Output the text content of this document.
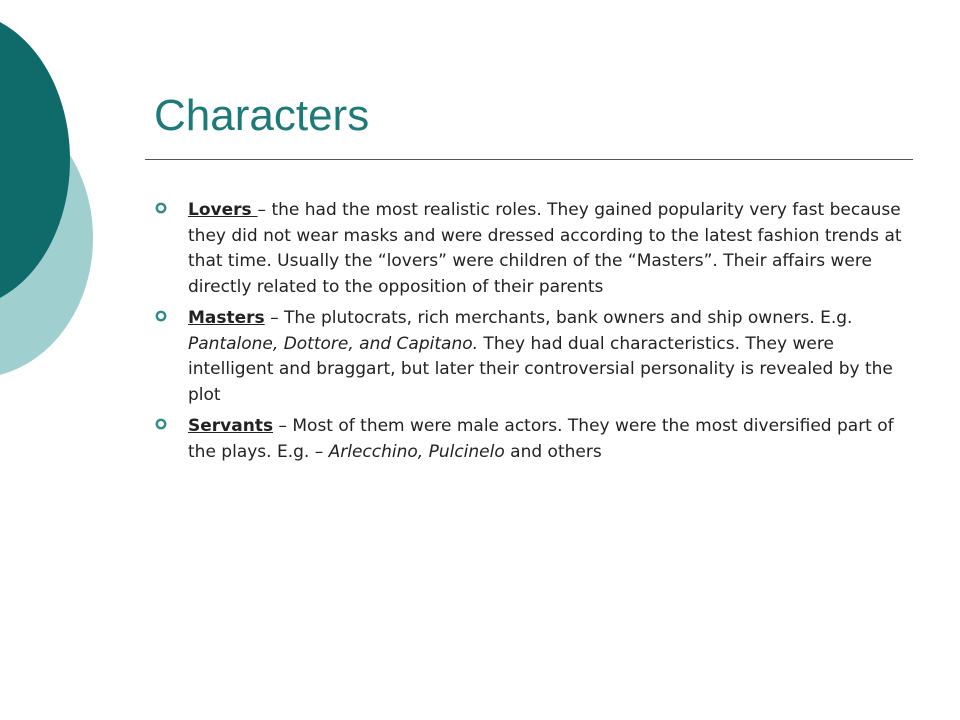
Characters
Lovers – the had the most realistic roles. They gained popularity very fast because they did not wear masks and were dressed according to the latest fashion trends at that time. Usually the “lovers” were children of the “Masters”. Their affairs were directly related to the opposition of their parents
Masters – The plutocrats, rich merchants, bank owners and ship owners. E.g. Pantalone, Dottore, and Capitano. They had dual characteristics. They were intelligent and braggart, but later their controversial personality is revealed by the plot
Servants – Most of them were male actors. They were the most diversified part of the plays. E.g. – Arlecchino, Pulcinelo and others
